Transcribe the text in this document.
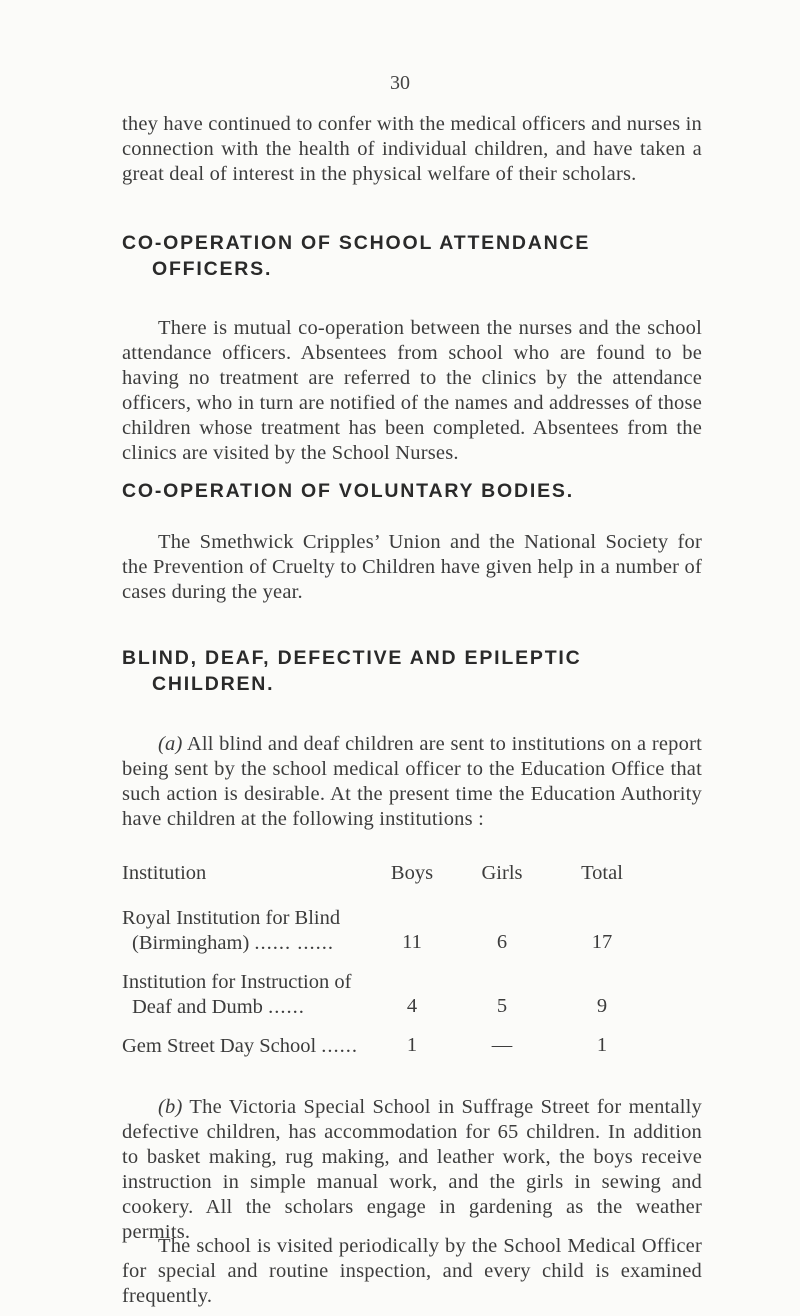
30

they have continued to confer with the medical officers and nurses in connection with the health of individual children, and have taken a great deal of interest in the physical welfare of their scholars.

CO-OPERATION OF SCHOOL ATTENDANCE
OFFICERS.

There is mutual co-operation between the nurses and the school attendance officers. Absentees from school who are found to be having no treatment are referred to the clinics by the attendance officers, who in turn are notified of the names and addresses of those children whose treatment has been completed. Absentees from the clinics are visited by the School Nurses.

CO-OPERATION OF VOLUNTARY BODIES.

The Smethwick Cripples’ Union and the National Society for the Prevention of Cruelty to Children have given help in a number of cases during the year.

BLIND, DEAF, DEFECTIVE AND EPILEPTIC
CHILDREN.

(a) All blind and deaf children are sent to institutions on a report being sent by the school medical officer to the Education Office that such action is desirable. At the present time the Education Authority have children at the following institutions :

Institution	Boys	Girls	Total
Royal Institution for Blind
(Birmingham) ...... ......	11	6	17
Institution for Instruction of
Deaf and Dumb ......	4	5	9
Gem Street Day School ......	1	—	1

(b) The Victoria Special School in Suffrage Street for mentally defective children, has accommodation for 65 children. In addition to basket making, rug making, and leather work, the boys receive instruction in simple manual work, and the girls in sewing and cookery. All the scholars engage in gardening as the weather permits.

The school is visited periodically by the School Medical Officer for special and routine inspection, and every child is examined frequently.
